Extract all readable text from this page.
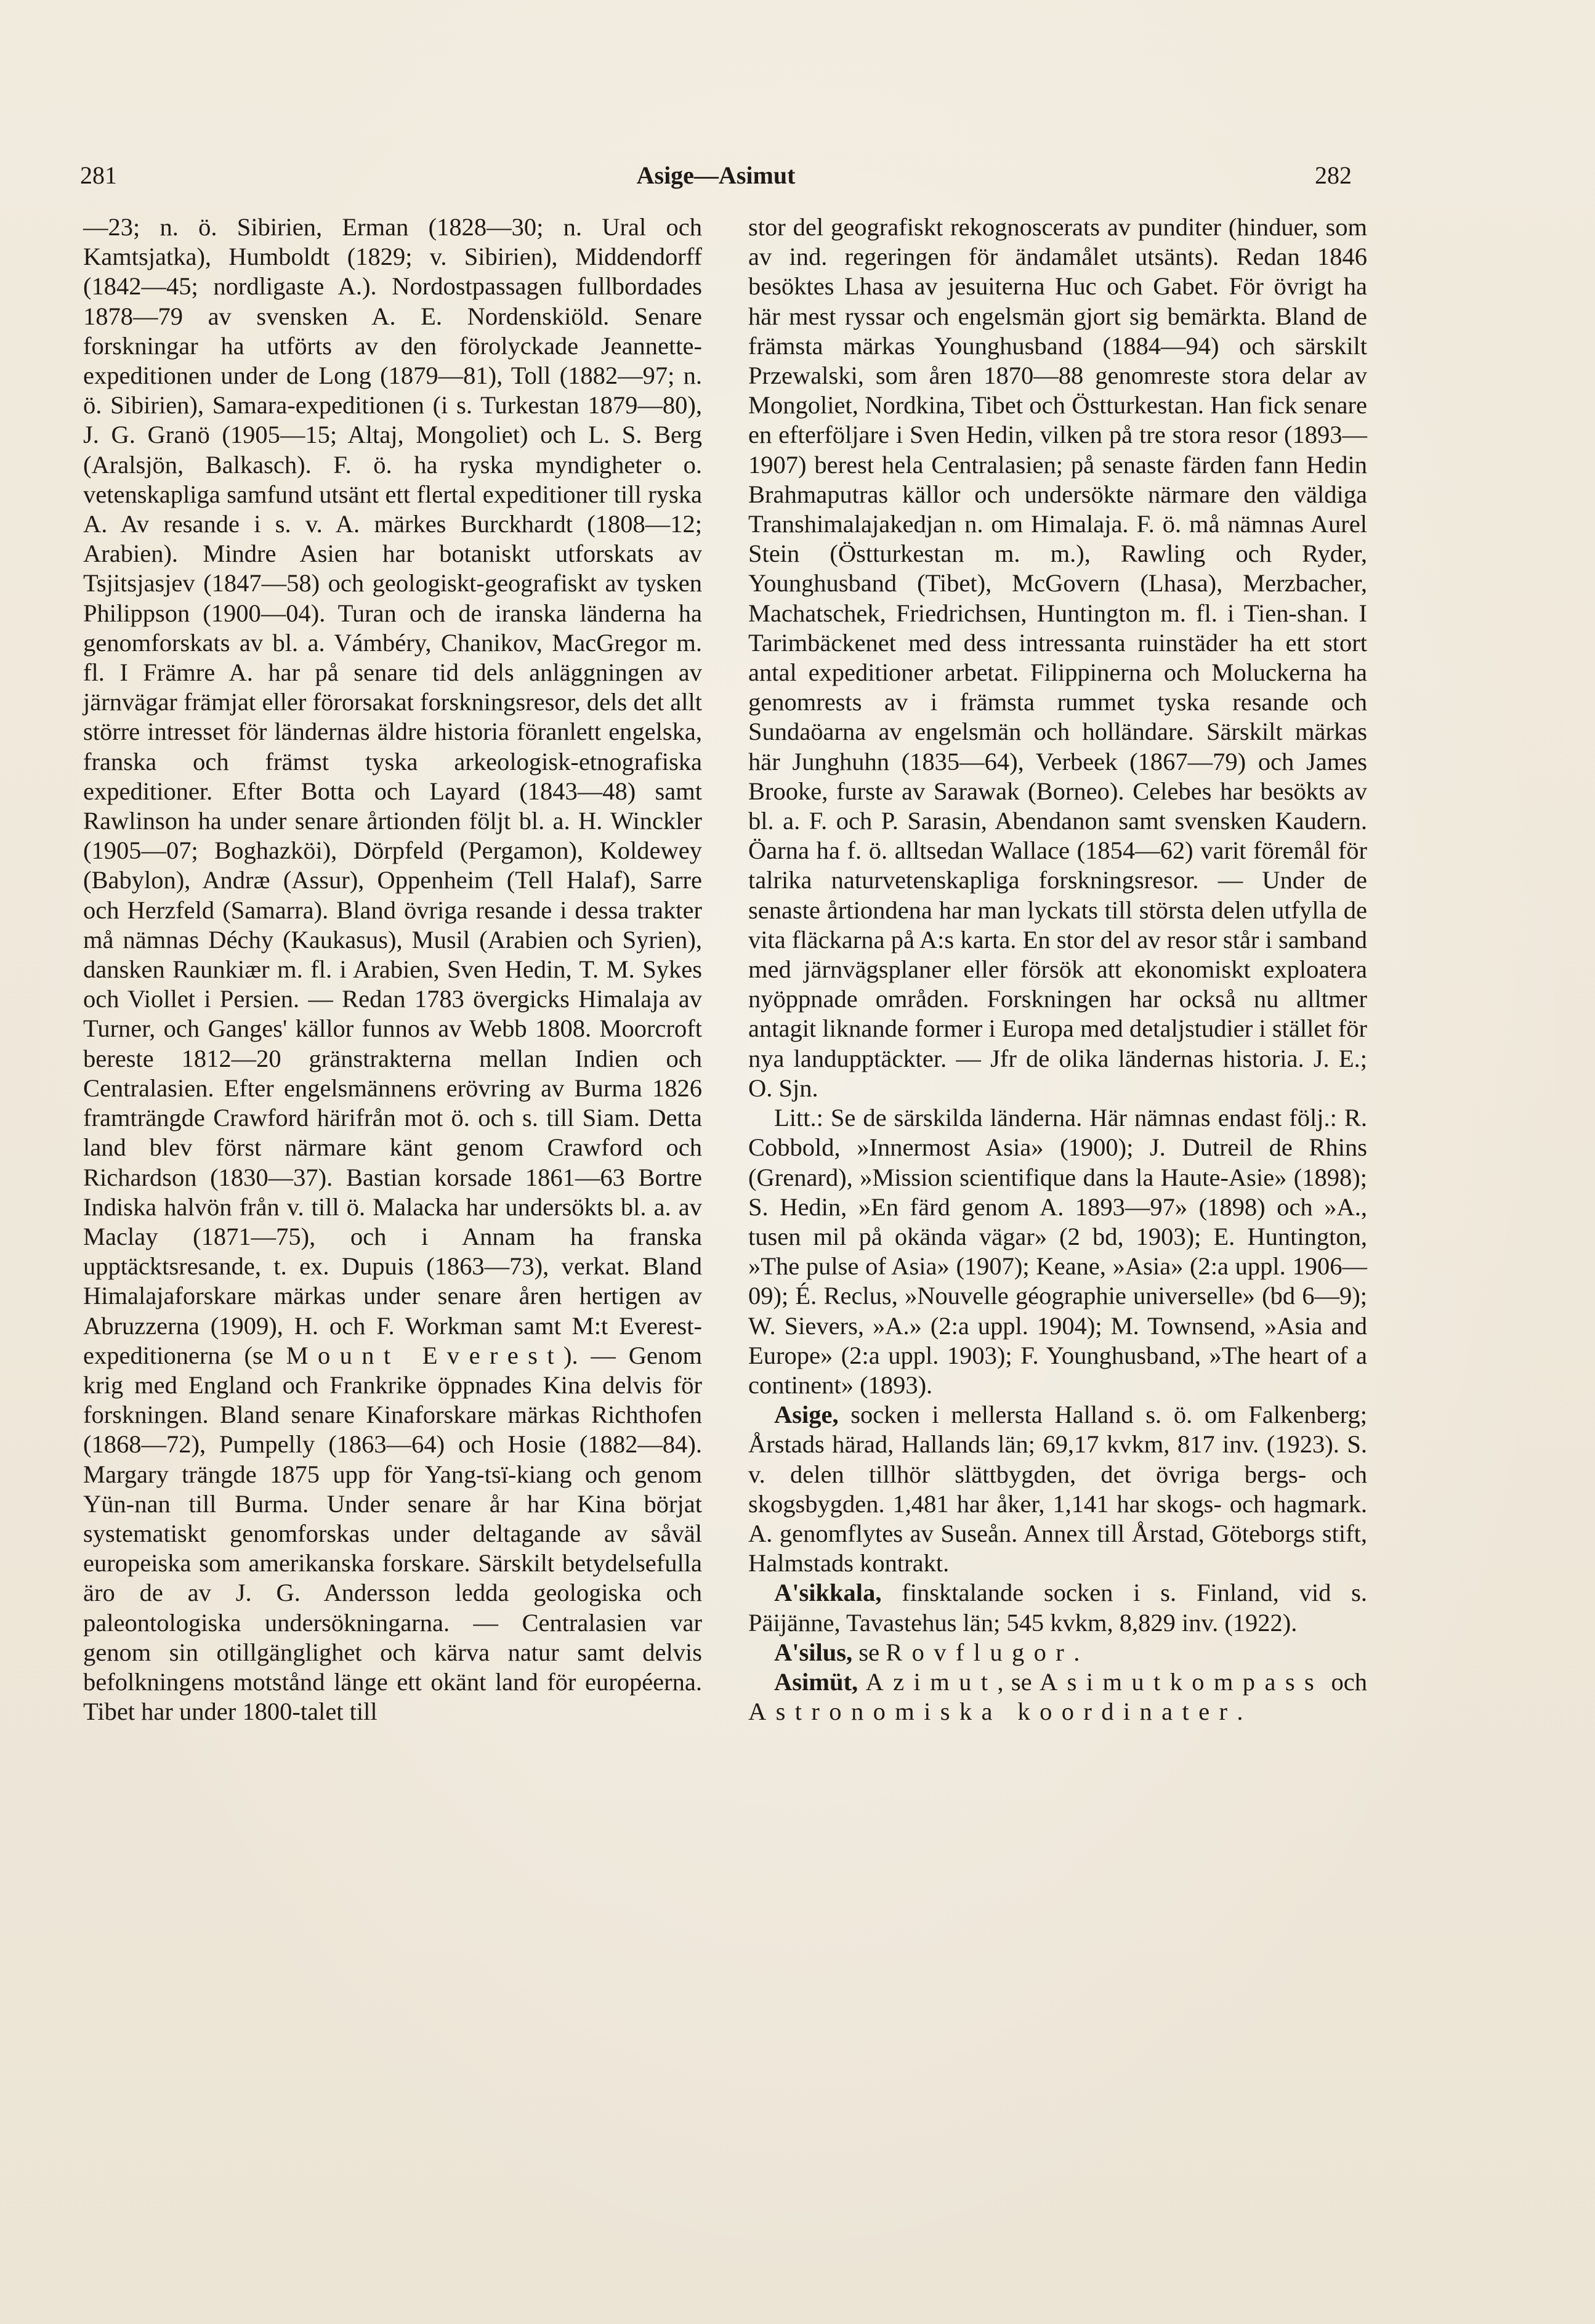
281	Asige—Asimut	282

—23; n. ö. Sibirien, Erman (1828—30; n. Ural och Kamtsjatka), Humboldt (1829; v. Sibirien), Middendorff (1842—45; nordligaste A.). Nordostpassagen fullbordades 1878—79 av svensken A. E. Nordenskiöld. Senare forskningar ha utförts av den förolyckade Jeannette-expeditionen under de Long (1879—81), Toll (1882—97; n. ö. Sibirien), Samara-expeditionen (i s. Turkestan 1879—80), J. G. Granö (1905—15; Altaj, Mongoliet) och L. S. Berg (Aralsjön, Balkasch). F. ö. ha ryska myndigheter o. vetenskapliga samfund utsänt ett flertal expeditioner till ryska A. Av resande i s. v. A. märkes Burckhardt (1808—12; Arabien). Mindre Asien har botaniskt utforskats av Tsjitsjasjev (1847—58) och geologiskt-geografiskt av tysken Philippson (1900—04). Turan och de iranska länderna ha genomforskats av bl. a. Vámbéry, Chanikov, MacGregor m. fl. I Främre A. har på senare tid dels anläggningen av järnvägar främjat eller förorsakat forskningsresor, dels det allt större intresset för ländernas äldre historia föranlett engelska, franska och främst tyska arkeologisk-etnografiska expeditioner. Efter Botta och Layard (1843—48) samt Rawlinson ha under senare årtionden följt bl. a. H. Winckler (1905—07; Boghazköi), Dörpfeld (Pergamon), Koldewey (Babylon), Andræ (Assur), Oppenheim (Tell Halaf), Sarre och Herzfeld (Samarra). Bland övriga resande i dessa trakter må nämnas Déchy (Kaukasus), Musil (Arabien och Syrien), dansken Raunkiær m. fl. i Arabien, Sven Hedin, T. M. Sykes och Viollet i Persien. — Redan 1783 övergicks Himalaja av Turner, och Ganges' källor funnos av Webb 1808. Moorcroft bereste 1812—20 gränstrakterna mellan Indien och Centralasien. Efter engelsmännens erövring av Burma 1826 framträngde Crawford härifrån mot ö. och s. till Siam. Detta land blev först närmare känt genom Crawford och Richardson (1830—37). Bastian korsade 1861—63 Bortre Indiska halvön från v. till ö. Malacka har undersökts bl. a. av Maclay (1871—75), och i Annam ha franska upptäcktsresande, t. ex. Dupuis (1863—73), verkat. Bland Himalajaforskare märkas under senare åren hertigen av Abruzzerna (1909), H. och F. Workman samt M:t Everest-expeditionerna (se Mount Everest). — Genom krig med England och Frankrike öppnades Kina delvis för forskningen. Bland senare Kinaforskare märkas Richthofen (1868—72), Pumpelly (1863—64) och Hosie (1882—84). Margary trängde 1875 upp för Yang-tsï-kiang och genom Yün-nan till Burma. Under senare år har Kina börjat systematiskt genomforskas under deltagande av såväl europeiska som amerikanska forskare. Särskilt betydelsefulla äro de av J. G. Andersson ledda geologiska och paleontologiska undersökningarna. — Centralasien var genom sin otillgänglighet och kärva natur samt delvis befolkningens motstånd länge ett okänt land för européerna. Tibet har under 1800-talet till

stor del geografiskt rekognoscerats av punditer (hinduer, som av ind. regeringen för ändamålet utsänts). Redan 1846 besöktes Lhasa av jesuiterna Huc och Gabet. För övrigt ha här mest ryssar och engelsmän gjort sig bemärkta. Bland de främsta märkas Younghusband (1884—94) och särskilt Przewalski, som åren 1870—88 genomreste stora delar av Mongoliet, Nordkina, Tibet och Östturkestan. Han fick senare en efterföljare i Sven Hedin, vilken på tre stora resor (1893—1907) berest hela Centralasien; på senaste färden fann Hedin Brahmaputras källor och undersökte närmare den väldiga Transhimalajakedjan n. om Himalaja. F. ö. må nämnas Aurel Stein (Östturkestan m. m.), Rawling och Ryder, Younghusband (Tibet), McGovern (Lhasa), Merzbacher, Machatschek, Friedrichsen, Huntington m. fl. i Tien-shan. I Tarimbäckenet med dess intressanta ruinstäder ha ett stort antal expeditioner arbetat. Filippinerna och Moluckerna ha genomrests av i främsta rummet tyska resande och Sundaöarna av engelsmän och holländare. Särskilt märkas här Junghuhn (1835—64), Verbeek (1867—79) och James Brooke, furste av Sarawak (Borneo). Celebes har besökts av bl. a. F. och P. Sarasin, Abendanon samt svensken Kaudern. Öarna ha f. ö. alltsedan Wallace (1854—62) varit föremål för talrika naturvetenskapliga forskningsresor. — Under de senaste årtiondena har man lyckats till största delen utfylla de vita fläckarna på A:s karta. En stor del av resor står i samband med järnvägsplaner eller försök att ekonomiskt exploatera nyöppnade områden. Forskningen har också nu alltmer antagit liknande former i Europa med detaljstudier i stället för nya landupptäckter. — Jfr de olika ländernas historia. J. E.; O. Sjn.

Litt.: Se de särskilda länderna. Här nämnas endast följ.: R. Cobbold, »Innermost Asia» (1900); J. Dutreil de Rhins (Grenard), »Mission scientifique dans la Haute-Asie» (1898); S. Hedin, »En färd genom A. 1893—97» (1898) och »A., tusen mil på okända vägar» (2 bd, 1903); E. Huntington, »The pulse of Asia» (1907); Keane, »Asia» (2:a uppl. 1906—09); É. Reclus, »Nouvelle géographie universelle» (bd 6—9); W. Sievers, »A.» (2:a uppl. 1904); M. Townsend, »Asia and Europe» (2:a uppl. 1903); F. Younghusband, »The heart of a continent» (1893).

Asige, socken i mellersta Halland s. ö. om Falkenberg; Årstads härad, Hallands län; 69,17 kvkm, 817 inv. (1923). S. v. delen tillhör slättbygden, det övriga bergs- och skogsbygden. 1,481 har åker, 1,141 har skogs- och hagmark. A. genomflytes av Suseån. Annex till Årstad, Göteborgs stift, Halmstads kontrakt.

A'sikkala, finsktalande socken i s. Finland, vid s. Päijänne, Tavastehus län; 545 kvkm, 8,829 inv. (1922).

A'silus, se Rovflugor.

Asimüt, Azimut, se Asimutkompass och Astronomiska koordinater.
